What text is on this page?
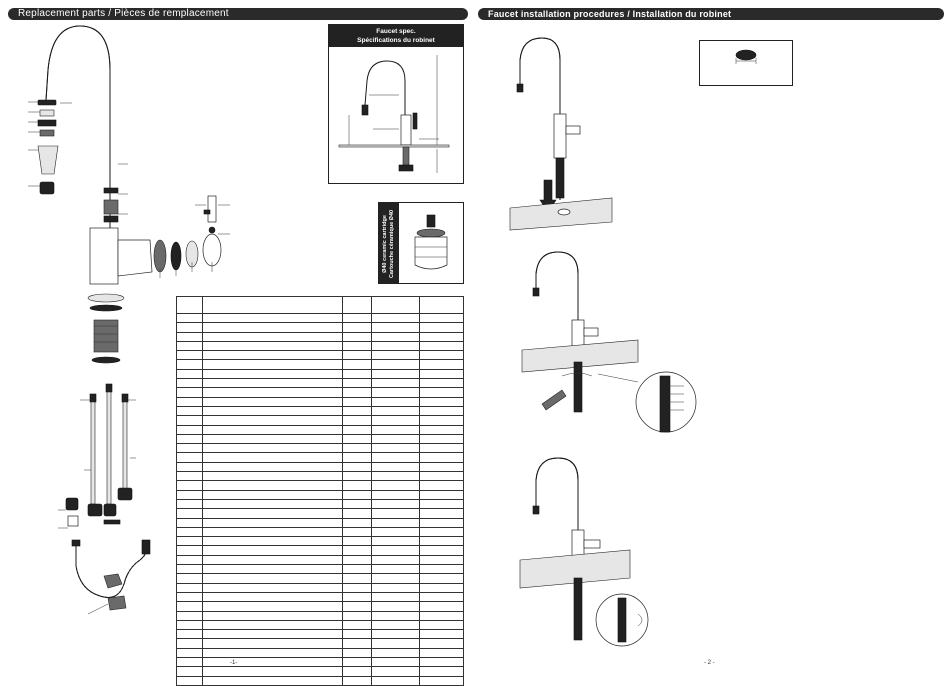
Replacement parts / Pièces de remplacement
Faucet spec.
Spécifications du robinet
Ø40 ceramic cartridge Cartouche céramique Ø40

-1-
Faucet installation procedures / Installation du robinet
- 2 -
